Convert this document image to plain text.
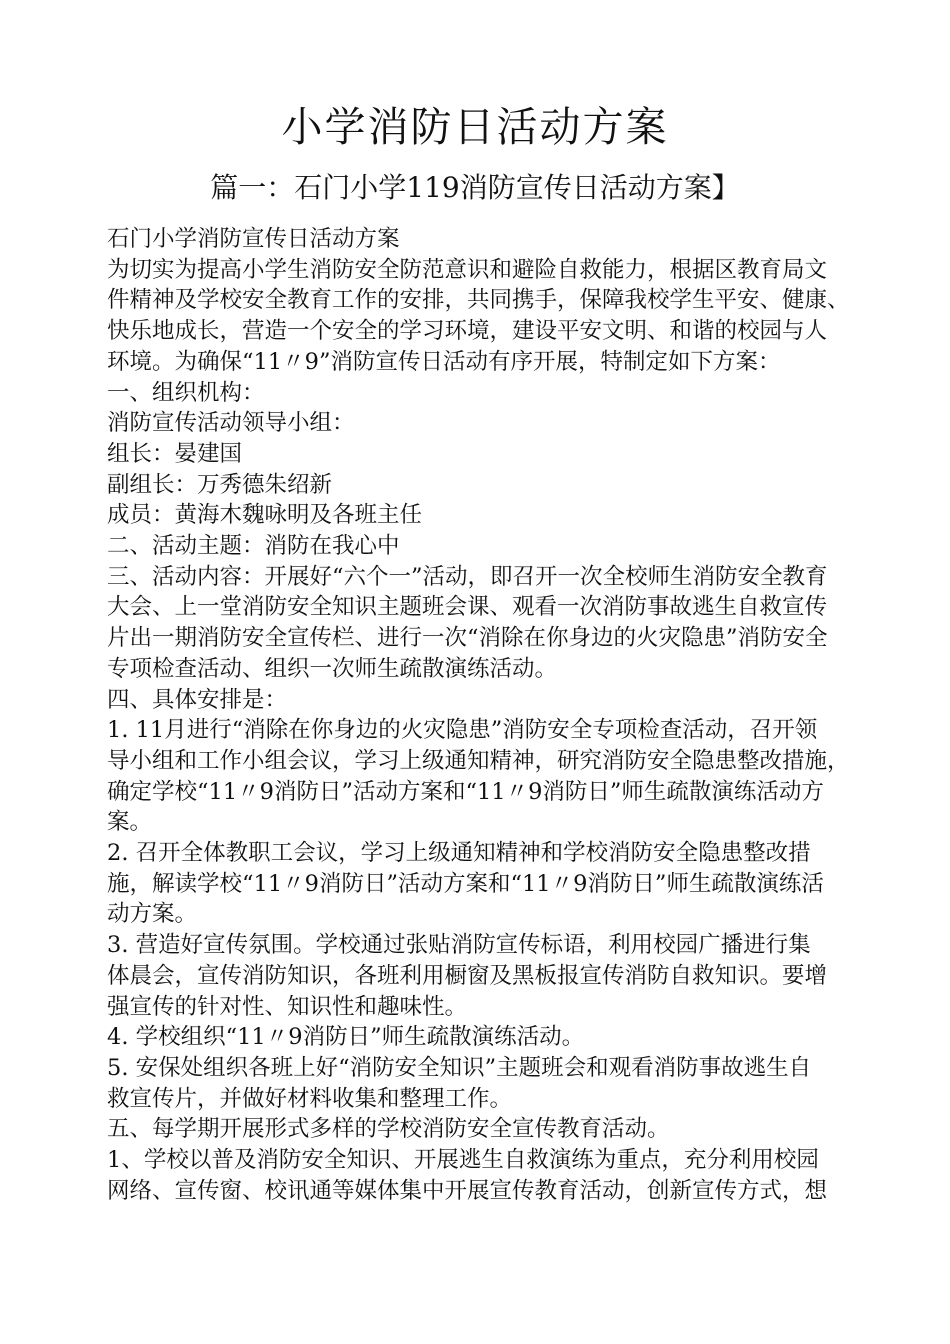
小学消防日活动方案
篇一：石门小学119消防宣传日活动方案】

石门小学消防宣传日活动方案

为切实为提高小学生消防安全防范意识和避险自救能力，根据区教育局文

件精神及学校安全教育工作的安排，共同携手，保障我校学生平安、健康、

快乐地成长，营造一个安全的学习环境，建设平安文明、和谐的校园与人

环境。为确保“11〃9”消防宣传日活动有序开展，特制定如下方案：

一、组织机构：

消防宣传活动领导小组：

组长：晏建国

副组长：万秀德朱绍新

成员：黄海木魏咏明及各班主任

二、活动主题：消防在我心中

三、活动内容：开展好“六个一”活动，即召开一次全校师生消防安全教育

大会、上一堂消防安全知识主题班会课、观看一次消防事故逃生自救宣传

片出一期消防安全宣传栏、进行一次“消除在你身边的火灾隐患”消防安全

专项检查活动、组织一次师生疏散演练活动。

四、具体安排是：

1. 11月进行“消除在你身边的火灾隐患”消防安全专项检查活动，召开领

导小组和工作小组会议，学习上级通知精神，研究消防安全隐患整改措施，

确定学校“11〃9消防日”活动方案和“11〃9消防日”师生疏散演练活动方

案。

2. 召开全体教职工会议，学习上级通知精神和学校消防安全隐患整改措

施，解读学校“11〃9消防日”活动方案和“11〃9消防日”师生疏散演练活

动方案。

3. 营造好宣传氛围。学校通过张贴消防宣传标语，利用校园广播进行集

体晨会，宣传消防知识，各班利用橱窗及黑板报宣传消防自救知识。要增

强宣传的针对性、知识性和趣味性。

4. 学校组织“11〃9消防日”师生疏散演练活动。

5. 安保处组织各班上好“消防安全知识”主题班会和观看消防事故逃生自

救宣传片，并做好材料收集和整理工作。

五、每学期开展形式多样的学校消防安全宣传教育活动。

1、学校以普及消防安全知识、开展逃生自救演练为重点，充分利用校园

网络、宣传窗、校讯通等媒体集中开展宣传教育活动，创新宣传方式，想
